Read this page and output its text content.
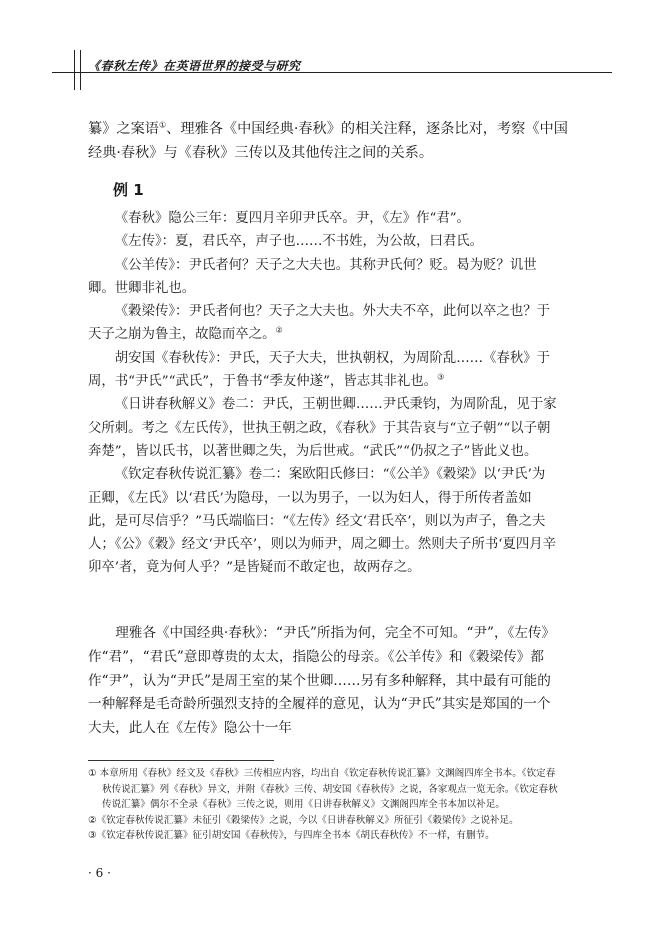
《春秋左传》在英语世界的接受与研究

纂》之案语①、理雅各《中国经典·春秋》的相关注释，逐条比对，考察《中国经典·春秋》与《春秋》三传以及其他传注之间的关系。

例 1

《春秋》隐公三年：夏四月辛卯尹氏卒。尹，《左》作“君”。

《左传》：夏，君氏卒，声子也……不书姓，为公故，曰君氏。

《公羊传》：尹氏者何？天子之大夫也。其称尹氏何？贬。曷为贬？讥世卿。世卿非礼也。

《穀梁传》：尹氏者何也？天子之大夫也。外大夫不卒，此何以卒之也？于天子之崩为鲁主，故隐而卒之。②

胡安国《春秋传》：尹氏，天子大夫，世执朝权，为周阶乱……《春秋》于周，书“尹氏”“武氏”，于鲁书“季友仲遂”，皆志其非礼也。③

《日讲春秋解义》卷二：尹氏，王朝世卿……尹氏秉钧，为周阶乱，见于家父所刺。考之《左氏传》，世执王朝之政，《春秋》于其告哀与“立子朝”“以子朝奔楚”，皆以氏书，以著世卿之失，为后世戒。“武氏”“仍叔之子”皆此义也。

《钦定春秋传说汇纂》卷二：案欧阳氏修曰：“《公羊》《穀梁》以‘尹氏’为正卿，《左氏》以‘君氏’为隐母，一以为男子，一以为妇人，得于所传者盖如此，是可尽信乎？”马氏端临曰：“《左传》经文‘君氏卒’，则以为声子，鲁之夫人；《公》《穀》经文‘尹氏卒’，则以为师尹，周之卿士。然则夫子所书‘夏四月辛卯卒’者，竟为何人乎？”是皆疑而不敢定也，故两存之。

理雅各《中国经典·春秋》：“尹氏”所指为何，完全不可知。“尹”，《左传》作“君”，“君氏”意即尊贵的太太，指隐公的母亲。《公羊传》和《穀梁传》都作“尹”，认为“尹氏”是周王室的某个世卿……另有多种解释，其中最有可能的一种解释是毛奇龄所强烈支持的全履祥的意见，认为“尹氏”其实是郑国的一个大夫，此人在《左传》隐公十一年

① 本章所用《春秋》经文及《春秋》三传相应内容，均出自《钦定春秋传说汇纂》文渊阁四库全书本。《钦定春秋传说汇纂》列《春秋》异文，并附《春秋》三传、胡安国《春秋传》之说，各家观点一览无余。《钦定春秋传说汇纂》偶尔不全录《春秋》三传之说，则用《日讲春秋解义》文渊阁四库全书本加以补足。

②《钦定春秋传说汇纂》未征引《穀梁传》之说，今以《日讲春秋解义》所征引《穀梁传》之说补足。

③《钦定春秋传说汇纂》征引胡安国《春秋传》，与四库全书本《胡氏春秋传》不一样，有删节。

· 6 ·
